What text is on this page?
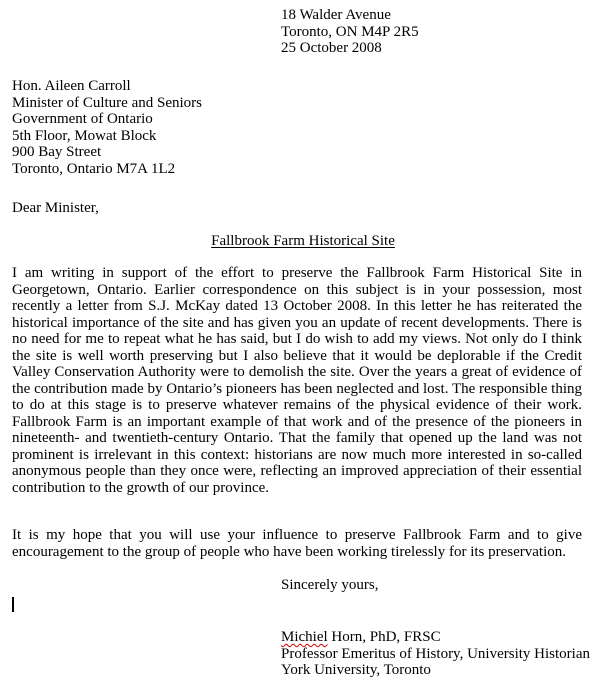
18 Walder Avenue
Toronto, ON M4P 2R5
25 October 2008
Hon. Aileen Carroll
Minister of Culture and Seniors
Government of Ontario
5th Floor, Mowat Block
900 Bay Street
Toronto, Ontario M7A 1L2
Dear Minister,
Fallbrook Farm Historical Site

I am writing in support of the effort to preserve the Fallbrook Farm Historical Site in Georgetown, Ontario. Earlier correspondence on this subject is in your possession, most recently a letter from S.J. McKay dated 13 October 2008. In this letter he has reiterated the historical importance of the site and has given you an update of recent developments. There is no need for me to repeat what he has said, but I do wish to add my views. Not only do I think the site is well worth preserving but I also believe that it would be deplorable if the Credit Valley Conservation Authority were to demolish the site. Over the years a great of evidence of the contribution made by Ontario’s pioneers has been neglected and lost. The responsible thing to do at this stage is to preserve whatever remains of the physical evidence of their work. Fallbrook Farm is an important example of that work and of the presence of the pioneers in nineteenth- and twentieth-century Ontario. That the family that opened up the land was not prominent is irrelevant in this context: historians are now much more interested in so-called anonymous people than they once were, reflecting an improved appreciation of their essential contribution to the growth of our province.

It is my hope that you will use your influence to preserve Fallbrook Farm and to give encouragement to the group of people who have been working tirelessly for its preservation.

Sincerely yours,
Michiel Horn, PhD, FRSC
Professor Emeritus of History, University Historian
York University, Toronto
